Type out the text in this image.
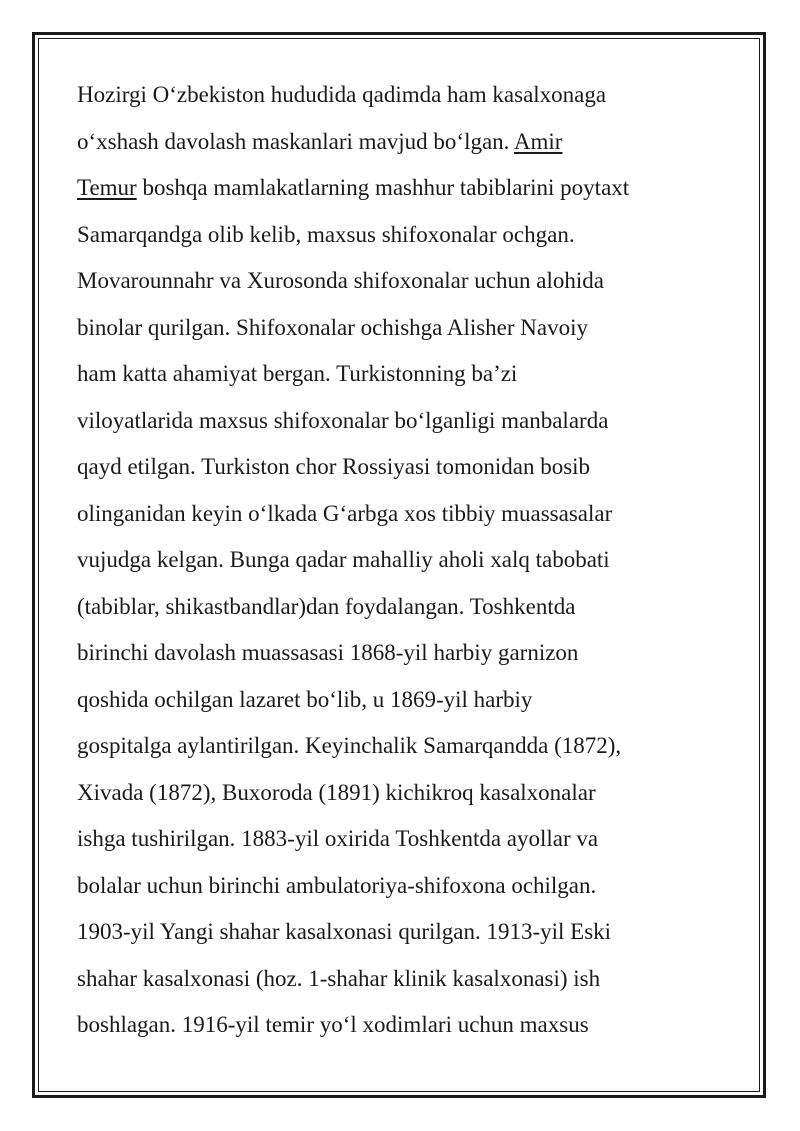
Hozirgi O‘zbekiston hududida qadimda ham kasalxonaga
o‘xshash davolash maskanlari mavjud bo‘lgan. Amir
Temur boshqa mamlakatlarning mashhur tabiblarini poytaxt
Samarqandga olib kelib, maxsus shifoxonalar ochgan.
Movarounnahr va Xurosonda shifoxonalar uchun alohida
binolar qurilgan. Shifoxonalar ochishga Alisher Navoiy
ham katta ahamiyat bergan. Turkistonning ba’zi
viloyatlarida maxsus shifoxonalar bo‘lganligi manbalarda
qayd etilgan. Turkiston chor Rossiyasi tomonidan bosib
olinganidan keyin o‘lkada G‘arbga xos tibbiy muassasalar
vujudga kelgan. Bunga qadar mahalliy aholi xalq tabobati
(tabiblar, shikastbandlar)dan foydalangan. Toshkentda
birinchi davolash muassasasi 1868-yil harbiy garnizon
qoshida ochilgan lazaret bo‘lib, u 1869-yil harbiy
gospitalga aylantirilgan. Keyinchalik Samarqandda (1872),
Xivada (1872), Buxoroda (1891) kichikroq kasalxonalar
ishga tushirilgan. 1883-yil oxirida Toshkentda ayollar va
bolalar uchun birinchi ambulatoriya-shifoxona ochilgan.
1903-yil Yangi shahar kasalxonasi qurilgan. 1913-yil Eski
shahar kasalxonasi (hoz. 1-shahar klinik kasalxonasi) ish
boshlagan. 1916-yil temir yo‘l xodimlari uchun maxsus
